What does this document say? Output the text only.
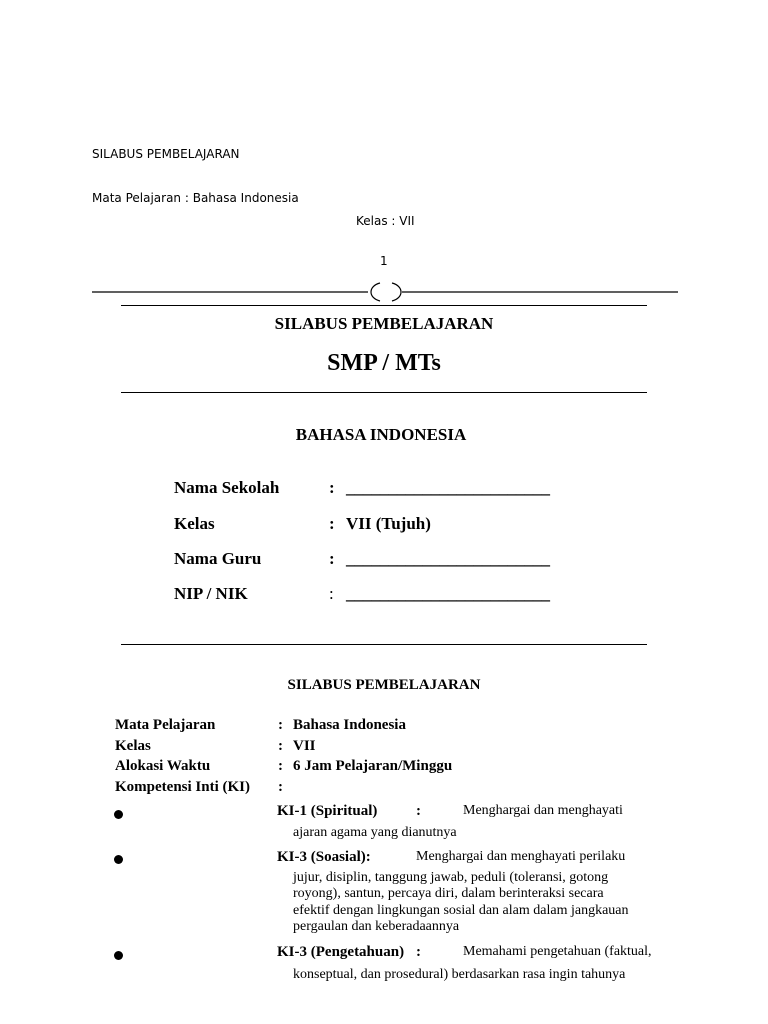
SILABUS PEMBELAJARAN
Mata Pelajaran : Bahasa Indonesia
Kelas : VII
1
SILABUS PEMBELAJARAN
SMP / MTs
BAHASA INDONESIA
Nama Sekolah	: ________________________
Kelas	: VII (Tujuh)
Nama Guru	: ________________________
NIP / NIK	: ________________________
SILABUS PEMBELAJARAN
Mata Pelajaran	: Bahasa Indonesia
Kelas	: VII
Alokasi Waktu	: 6 Jam Pelajaran/Minggu
Kompetensi Inti (KI) :
KI-1 (Spiritual)	:	Menghargai dan menghayati
ajaran agama yang dianutnya
KI-3 (Soasial):	Menghargai dan menghayati perilaku
jujur, disiplin, tanggung jawab, peduli (toleransi, gotong
royong), santun, percaya diri, dalam berinteraksi secara
efektif dengan lingkungan sosial dan alam dalam jangkauan
pergaulan dan keberadaannya
KI-3 (Pengetahuan) :	Memahami pengetahuan (faktual,
konseptual, dan prosedural) berdasarkan rasa ingin tahunya
